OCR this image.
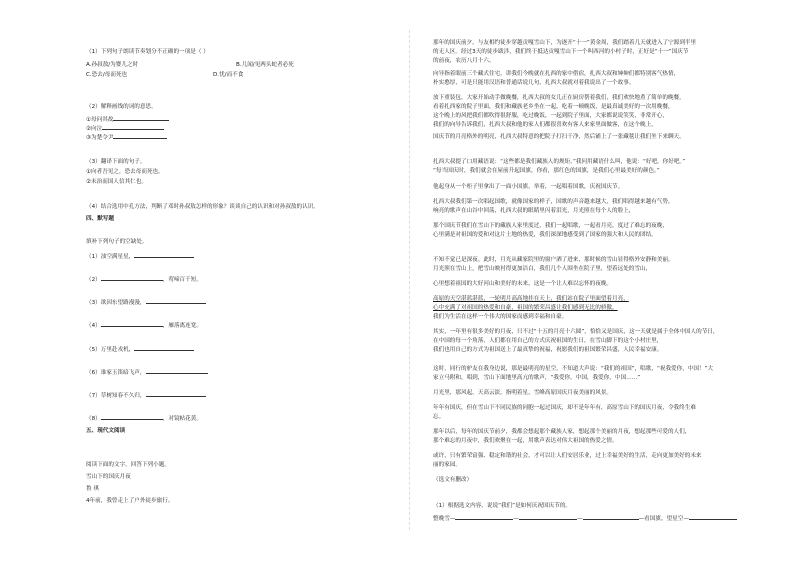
（1）下列句子朗读节奏划分不正确的一项是（ ）
A.孙叔敖/为婴儿之时	B.儿闻/见两头蛇者必死
C.恐去/母而死也	D.忧/而不食
（2）解释画线的词的意思。
①母问其故
②向泣
③为楚令尹
（3）翻译下面的句子。
①向者吾见之，恐去母而死也。
②未治而国人信其仁也。
（4）结合选用中孔方法，判断了邓时孙叔敖怎样的形象？谈谈自己的认识和对孙叔敖的认识。
四、默写题
填补下列句子的空缺处。
（1）浊空满星星，
（2）	，莺啼百千短。
（3）欲因东望路漫漫，
（4）	，雁落离连宽。
（5）万里赴戎机，
（6）谁家玉笛暗飞声，
（7）草树知春不久归，
（8）	，对镜帖花黄。
五、现代文阅读
阅读下面的文字，回答下列小题。
雪山下的国庆月夜
鲁 琪
4年前，我曾走上了户外徒步旅行。
那年的国庆前夕，与友相约徒步穿越贡嘎雪山下，为逐开“十一”黄金周，我们踏着几天就进入了宁源到半里
的无人区。经过3天的徒步跋涉，我们终于抵达贡嘎雪山下一个叫西河的小村子时，正好是“十一”国庆节
的前夜，农历八月十六。
向导指着眼前三个藏式住宅，讲我们今晚就在扎西的家中借宿，扎西大叔和婶婶们都特别客气热情，
朴实憨厚，可是只能用汉语和普通话说几句，扎西大叔就对着我说出了一个故事。
放下重装包，大家开始动手做晚餐，扎西大叔的女儿正在厨房帮着我们，我们欢快地煮了简单的晚餐，
看着扎西家的院子里面，我们和藏族老乡坐在一起，吃着一顿晚饭，是最真诚美好的一次用晚餐，
这个晚上的风把我们都吹得很舒服，吃过晚饭，一起到院子里面，大家都说说笑笑，非常开心，
我们的向导告诉我们，扎西大叔和他的家人们都很喜欢有客人来家里面做客，在这个晚上，
国庆节的月亮格外的明亮，扎西大叔特意的把院子打扫干净，然后铺上了一张藏毯让我们坐下来聊天。
扎西大叔提了口用藏语说：“这些都是我们藏族人的规矩。”我问用藏语什么叫，他说：“好吧，你好吧。”
“每当国庆时，我们就会在屋前升起国旗，你看，那红色的国旗，是我们心里最美好的颜色。”
他起身从一个柜子里拿出了一面小国旗，举着，一起唱着国歌，庆祝国庆节。
扎西大叔我们第一次唱起国歌，就像国家的样子，国歌的声音越来越大，我们唱得越来越有气势，
响亮的歌声在山谷中回荡，扎西大叔的眼睛里闪着泪光，月光照在每个人的脸上，
那个国庆节我们在雪山下的藏族人家里度过，我们一起唱歌，一起看月亮，度过了难忘的夜晚，
心里满是对祖国的爱和对这片土地的热爱，我们深深地感受到了国家的强大和人民的团结。
不知不觉已是深夜。此时，月光从藏家院里的窗户洒了进来，那时候的雪山显得格外安静和美丽，
月光照在雪山上，把雪山映衬得更加洁白，我们几个人围坐在院子里，望着远处的雪山，
心里想着祖国的大好河山和美好的未来，这是一个让人难以忘怀的夜晚。
高原的天空湛蓝湛蓝，一轮明月高高地挂在天上，我们站在院子里面望着月亮，
心中充满了对祖国的热爱和自豪，祖国的繁荣昌盛让我们感到无比的骄傲，
我们为生活在这样一个伟大的国家而感到幸福和自豪。
其实，一年里有很多美好的月夜，只不过“十五的月亮十六圆”，恰恰又是国庆，这一天就是属于全体中国人的节日，
在中国的每一个角落，人们都在用自己的方式庆祝祖国的生日，在雪山脚下的这个小村庄里，
我们也用自己的方式为祖国送上了最真挚的祝福，祝愿我们的祖国繁荣昌盛，人民幸福安康。
这时，同行的驴友在我身边说，那是最明亮的星空，不知道大声说：“我们的祖国”，唱歌，“祝我爱你，中国！”大
家立马附和，唱到，雪山下面地里高亢的歌声，“我爱你，中国，我爱你，中国……”
月光里，那风起，天高云淡，指明着星，雪峰高原国庆月夜美丽的风景。
年年有国庆，但在雪山下不同民族的同胞一起过国庆，却不是年年有，高原雪山下的国庆月夜，令我终生难
忘。
那年以后，每年的国庆节前夕，我都会想起那个藏族人家，想起那个美丽的月夜，想起那些可爱的人们，
那个难忘的月夜中，我们欢聚在一起，用歌声表达对伟大祖国的热爱之情。
或许，只有繁荣富强、稳定和谐的社会，才可以让人们安居乐业，过上幸福美好的生活，走向更加美好的未来
丽的家园。
（选文有删改）
（1）根据选文内容，说说“我们”是如何庆祝国庆节的。
整晚雪—	—	—	—看国旗，望星空—
